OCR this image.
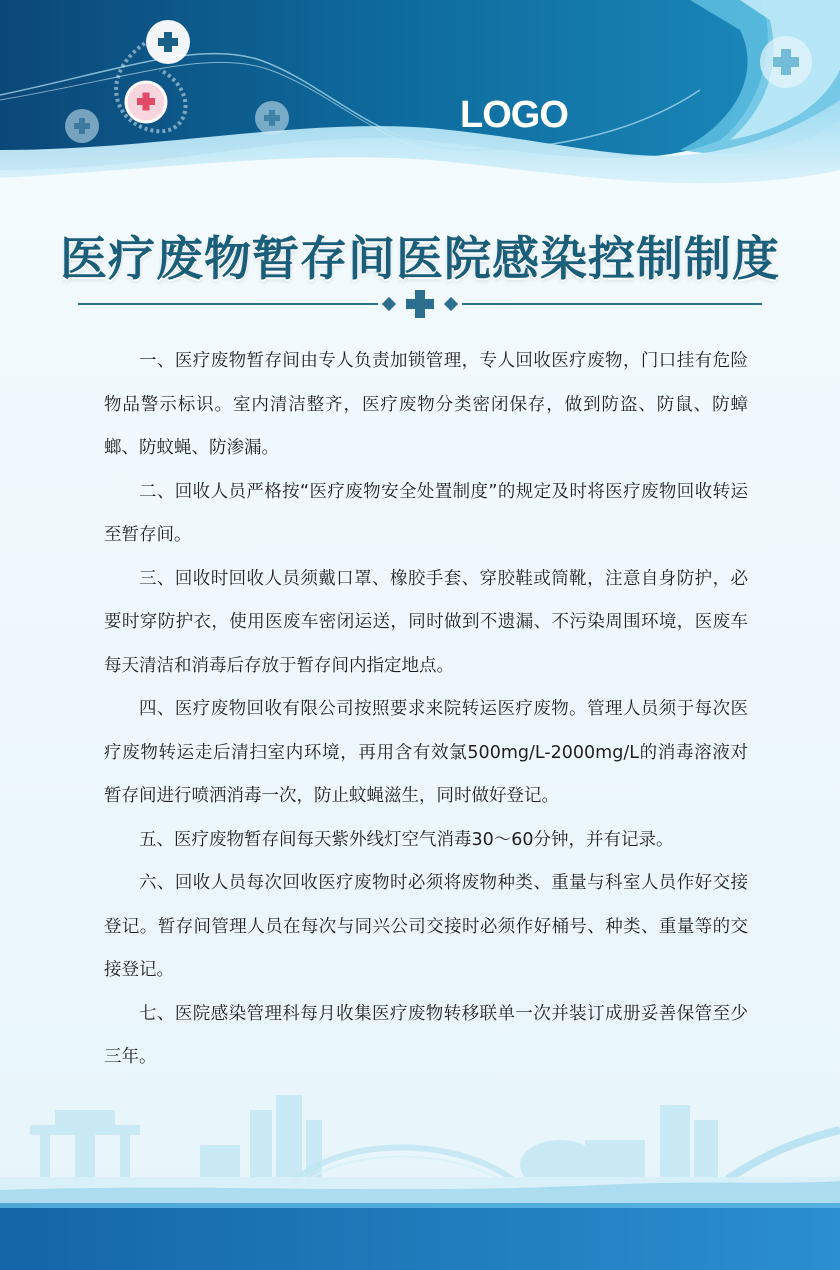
LOGO
医疗废物暂存间医院感染控制制度

一、医疗废物暂存间由专人负责加锁管理，专人回收医疗废物，门口挂有危险物品警示标识。室内清洁整齐，医疗废物分类密闭保存，做到防盗、防鼠、防蟑螂、防蚊蝇、防渗漏。

二、回收人员严格按“医疗废物安全处置制度”的规定及时将医疗废物回收转运至暂存间。

三、回收时回收人员须戴口罩、橡胶手套、穿胶鞋或筒靴，注意自身防护，必要时穿防护衣，使用医废车密闭运送，同时做到不遗漏、不污染周围环境，医废车每天清洁和消毒后存放于暂存间内指定地点。

四、医疗废物回收有限公司按照要求来院转运医疗废物。管理人员须于每次医疗废物转运走后清扫室内环境，再用含有效氯500mg/L-2000mg/L的消毒溶液对暂存间进行喷洒消毒一次，防止蚊蝇滋生，同时做好登记。

五、医疗废物暂存间每天紫外线灯空气消毒30～60分钟，并有记录。

六、回收人员每次回收医疗废物时必须将废物种类、重量与科室人员作好交接登记。暂存间管理人员在每次与同兴公司交接时必须作好桶号、种类、重量等的交接登记。

七、医院感染管理科每月收集医疗废物转移联单一次并装订成册妥善保管至少三年。
